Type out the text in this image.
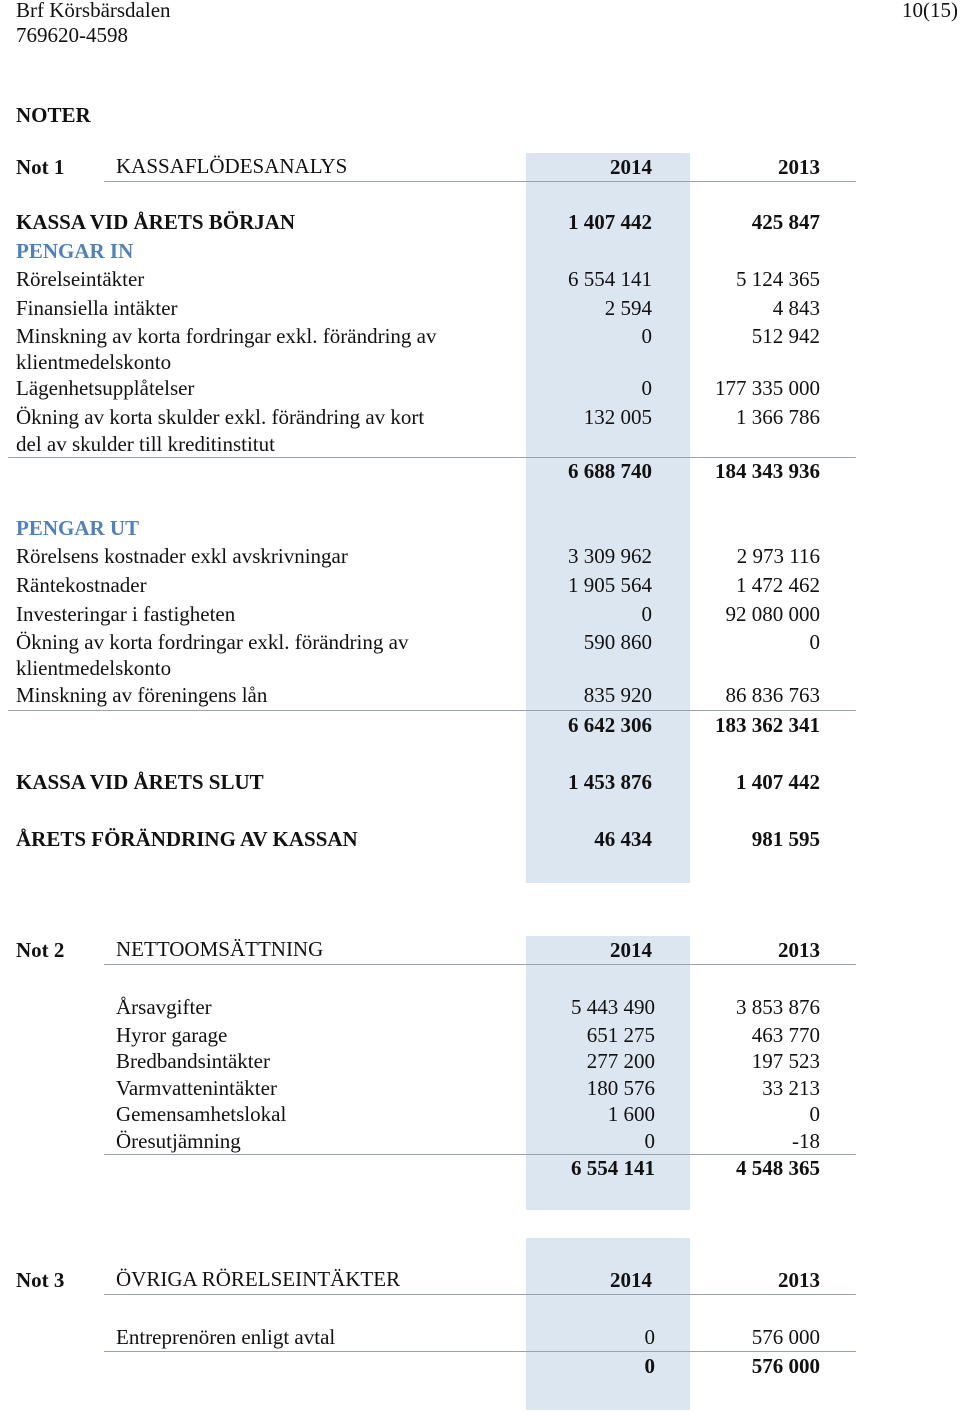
Brf Körsbärsdalen
769620-4598
10(15)
NOTER
Not 1 KASSAFLÖDESANALYS	2014	2013
KASSA VID ÅRETS BÖRJAN	1 407 442	425 847
PENGAR IN
Rörelseintäkter	6 554 141	5 124 365
Finansiella intäkter	2 594	4 843
Minskning av korta fordringar exkl. förändring av
klientmedelskonto
0	512 942
Lägenhetsupplåtelser	0	177 335 000
Ökning av korta skulder exkl. förändring av kort
del av skulder till kreditinstitut
132 005	1 366 786
6 688 740	184 343 936
PENGAR UT
Rörelsens kostnader exkl avskrivningar	3 309 962	2 973 116
Räntekostnader	1 905 564	1 472 462
Investeringar i fastigheten	0	92 080 000
Ökning av korta fordringar exkl. förändring av
klientmedelskonto
590 860	0
Minskning av föreningens lån	835 920	86 836 763
6 642 306	183 362 341
KASSA VID ÅRETS SLUT	1 453 876	1 407 442
ÅRETS FÖRÄNDRING AV KASSAN	46 434	981 595
Not 2 NETTOOMSÄTTNING	2014	2013
Årsavgifter	5 443 490	3 853 876
Hyror garage	651 275	463 770
Bredbandsintäkter	277 200	197 523
Varmvattenintäkter	180 576	33 213
Gemensamhetslokal	1 600	0
Öresutjämning	0	-18
6 554 141	4 548 365
Not 3 ÖVRIGA RÖRELSEINTÄKTER	2014	2013
Entreprenören enligt avtal	0	576 000
0	576 000
